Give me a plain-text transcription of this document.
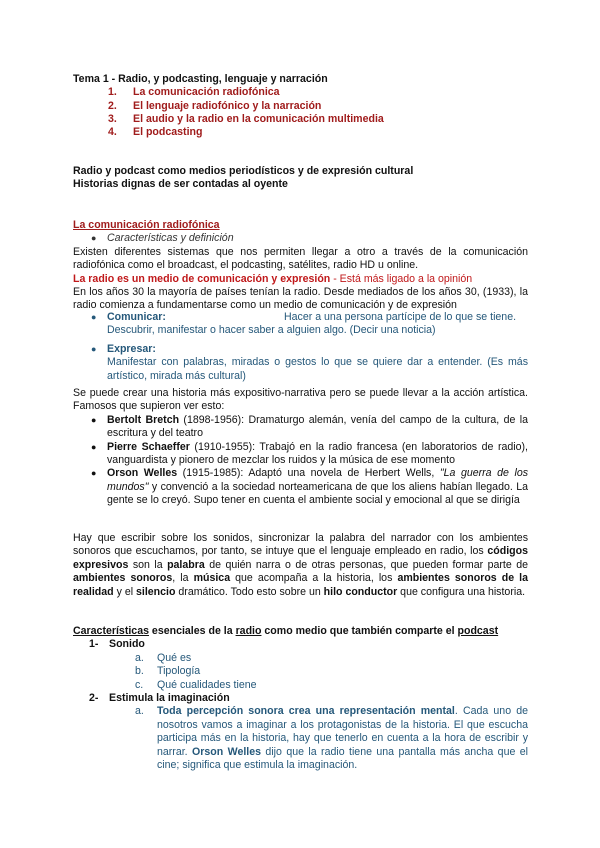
Tema 1 - Radio, y podcasting, lenguaje y narración
1.	La comunicación radiofónica
2.	El lenguaje radiofónico y la narración
3.	El audio y la radio en la comunicación multimedia
4.	El podcasting
Radio y podcast como medios periodísticos y de expresión cultural
Historias dignas de ser contadas al oyente
La comunicación radiofónica
● Características y definición
Existen diferentes sistemas que nos permiten llegar a otro a través de la comunicación radiofónica como el broadcast, el podcasting, satélites, radio HD u online.
La radio es un medio de comunicación y expresión - Está más ligado a la opinión
En los años 30 la mayoría de países tenían la radio. Desde mediados de los años 30, (1933), la radio comienza a fundamentarse como un medio de comunicación y de expresión
● Comunicar:	Hacer a una persona partícipe de lo que se tiene.
Descubrir, manifestar o hacer saber a alguien algo. (Decir una noticia)
● Expresar:
Manifestar con palabras, miradas o gestos lo que se quiere dar a entender. (Es más artístico, mirada más cultural)
Se puede crear una historia más expositivo-narrativa pero se puede llevar a la acción artística. Famosos que supieron ver esto:
● Bertolt Bretch (1898-1956): Dramaturgo alemán, venía del campo de la cultura, de la escritura y del teatro
● Pierre Schaeffer (1910-1955): Trabajó en la radio francesa (en laboratorios de radio), vanguardista y pionero de mezclar los ruidos y la música de ese momento
● Orson Welles (1915-1985): Adaptó una novela de Herbert Wells, "La guerra de los mundos" y convenció a la sociedad norteamericana de que los aliens habían llegado. La gente se lo creyó. Supo tener en cuenta el ambiente social y emocional al que se dirigía
Hay que escribir sobre los sonidos, sincronizar la palabra del narrador con los ambientes sonoros que escuchamos, por tanto, se intuye que el lenguaje empleado en radio, los códigos expresivos son la palabra de quién narra o de otras personas, que pueden formar parte de ambientes sonoros, la música que acompaña a la historia, los ambientes sonoros de la realidad y el silencio dramático. Todo esto sobre un hilo conductor que configura una historia.
Características esenciales de la radio como medio que también comparte el podcast
1- Sonido
a. Qué es
b. Tipología
c. Qué cualidades tiene
2- Estimula la imaginación
a. Toda percepción sonora crea una representación mental. Cada uno de nosotros vamos a imaginar a los protagonistas de la historia. El que escucha participa más en la historia, hay que tenerlo en cuenta a la hora de escribir y narrar. Orson Welles dijo que la radio tiene una pantalla más ancha que el cine; significa que estimula la imaginación.
